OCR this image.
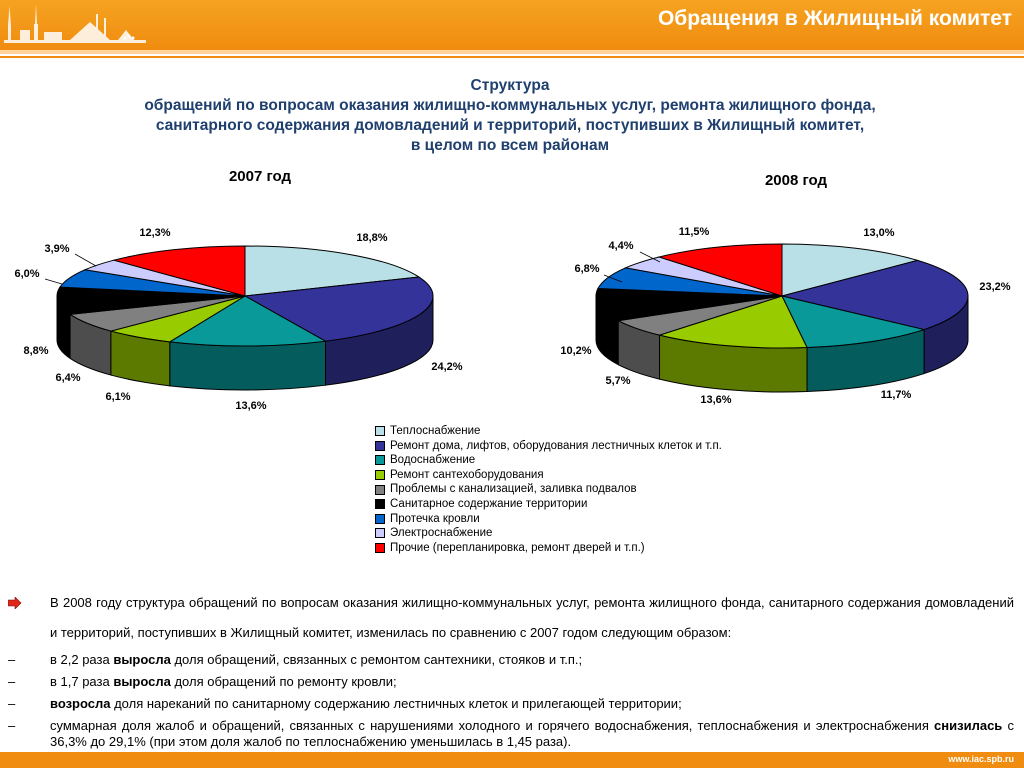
Обращения в Жилищный комитет
Структура
обращений по вопросам оказания жилищно-коммунальных услуг, ремонта жилищного фонда,
санитарного содержания домовладений и территорий, поступивших в Жилищный комитет,
в целом по всем районам
18,8%
24,2%
13,6%
6,1%
6,4%
8,8%
6,0%
3,9%
12,3%
2007 год
13,0%
23,2%
11,7%
13,6%
5,7%
10,2%
6,8%
4,4%
11,5%
2008 год
Теплоснабжение
Ремонт дома, лифтов, оборудования лестничных клеток и т.п.
Водоснабжение
Ремонт сантехоборудования
Проблемы с канализацией, заливка подвалов
Санитарное содержание территории
Протечка кровли
Электроснабжение
Прочие (перепланировка, ремонт дверей и т.п.)
В 2008 году структура обращений по вопросам оказания жилищно-коммунальных услуг, ремонта жилищного фонда, санитарного содержания домовладений и территорий, поступивших в Жилищный комитет, изменилась по сравнению с 2007 годом следующим образом:
–	в 2,2 раза выросла доля обращений, связанных с ремонтом сантехники, стояков и т.п.;
–	в 1,7 раза выросла доля обращений по ремонту кровли;
–	возросла доля нареканий по санитарному содержанию лестничных клеток и прилегающей территории;
–	суммарная доля жалоб и обращений, связанных с нарушениями холодного и горячего водоснабжения, теплоснабжения и электроснабжения снизилась с 36,3% до 29,1% (при этом доля жалоб по теплоснабжению уменьшилась в 1,45 раза).
www.iac.spb.ru
